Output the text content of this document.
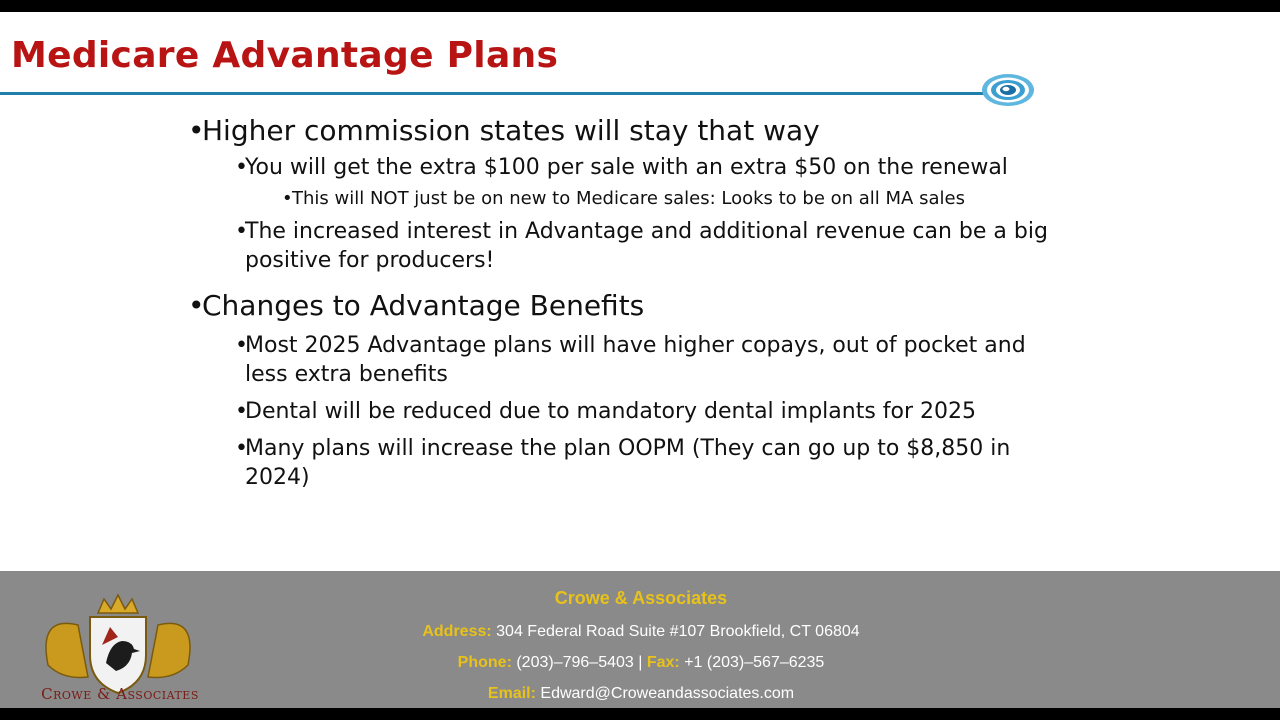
Medicare Advantage Plans

•
Higher commission states will stay that way

•
You will get the extra $100 per sale with an extra $50 on the renewal

• This will NOT just be on new to Medicare sales: Looks to be on all MA sales

•
The increased interest in Advantage and additional revenue can be a big positive for producers!

•
Changes to Advantage Benefits

•
Most 2025 Advantage plans will have higher copays, out of pocket and less extra benefits

•
Dental will be reduced due to mandatory dental implants for 2025

•
Many plans will increase the plan OOPM (They can go up to $8,850 in 2024)

Crowe & Associates
Crowe & Associates
Address: 304 Federal Road Suite #107 Brookfield, CT 06804
Phone: (203)–796–5403 | Fax: +1 (203)–567–6235
Email: Edward@Croweandassociates.com
